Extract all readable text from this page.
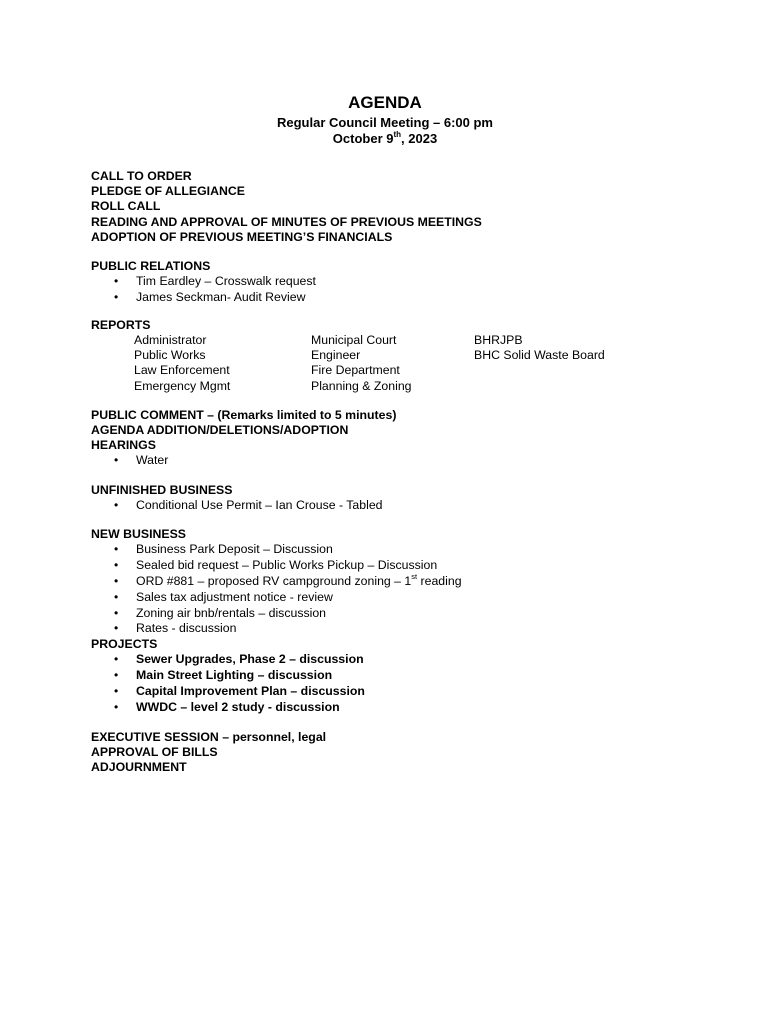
AGENDA
Regular Council Meeting – 6:00 pm
October 9th, 2023
CALL TO ORDER
PLEDGE OF ALLEGIANCE
ROLL CALL
READING AND APPROVAL OF MINUTES OF PREVIOUS MEETINGS
ADOPTION OF PREVIOUS MEETING’S FINANCIALS
PUBLIC RELATIONS
• Tim Eardley – Crosswalk request
• James Seckman- Audit Review
REPORTS
Administrator	Municipal Court	BHRJPB
Public Works	Engineer	BHC Solid Waste Board
Law Enforcement	Fire Department
Emergency Mgmt	Planning & Zoning
PUBLIC COMMENT – (Remarks limited to 5 minutes)
AGENDA ADDITION/DELETIONS/ADOPTION
HEARINGS
• Water
UNFINISHED BUSINESS
• Conditional Use Permit – Ian Crouse - Tabled
NEW BUSINESS
• Business Park Deposit – Discussion
• Sealed bid request – Public Works Pickup – Discussion
• ORD #881 – proposed RV campground zoning – 1st reading
• Sales tax adjustment notice - review
• Zoning air bnb/rentals – discussion
• Rates - discussion
PROJECTS
• Sewer Upgrades, Phase 2 – discussion
• Main Street Lighting – discussion
• Capital Improvement Plan – discussion
• WWDC – level 2 study - discussion
EXECUTIVE SESSION – personnel, legal
APPROVAL OF BILLS
ADJOURNMENT
